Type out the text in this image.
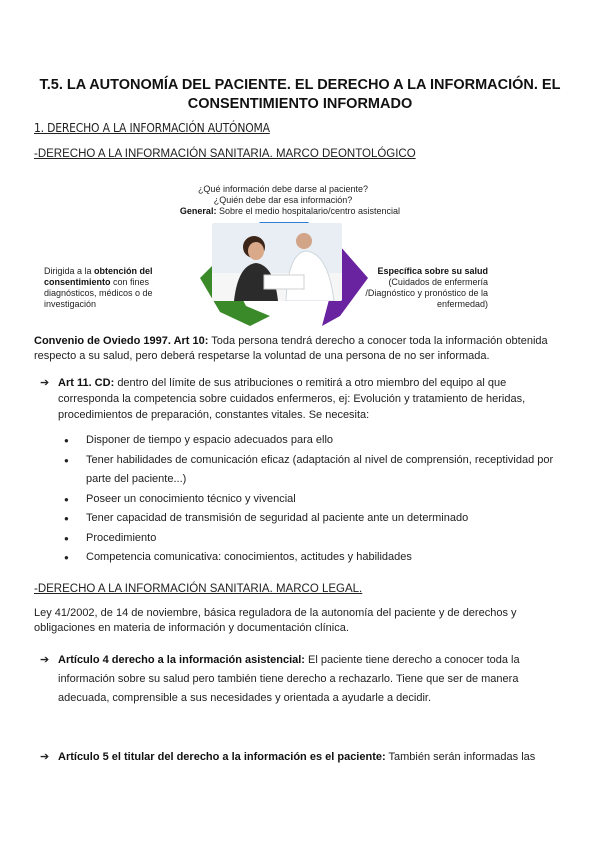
T.5. LA AUTONOMÍA DEL PACIENTE. EL DERECHO A LA INFORMACIÓN. EL CONSENTIMIENTO INFORMADO
1. DERECHO A LA INFORMACIÓN AUTÓNOMA
-DERECHO A LA INFORMACIÓN SANITARIA. MARCO DEONTOLÓGICO
¿Qué información debe darse al paciente?
¿Quién debe dar esa información?
General: Sobre el medio hospitalario/centro asistencial
Dirigida a la obtención del consentimiento con fines diagnósticos, médicos o de investigación
Específica sobre su salud
(Cuidados de enfermería
/Diagnóstico y pronóstico de la
enfermedad)
Convenio de Oviedo 1997. Art 10: Toda persona tendrá derecho a conocer toda la información obtenida respecto a su salud, pero deberá respetarse la voluntad de una persona de no ser informada.
➔ Art 11. CD: dentro del límite de sus atribuciones o remitirá a otro miembro del equipo al que corresponda la competencia sobre cuidados enfermeros, ej: Evolución y tratamiento de heridas, procedimientos de preparación, constantes vitales. Se necesita:
● Disponer de tiempo y espacio adecuados para ello
● Tener habilidades de comunicación eficaz (adaptación al nivel de comprensión, receptividad por parte del paciente...)
● Poseer un conocimiento técnico y vivencial
● Tener capacidad de transmisión de seguridad al paciente ante un determinado
● Procedimiento
● Competencia comunicativa: conocimientos, actitudes y habilidades
-DERECHO A LA INFORMACIÓN SANITARIA. MARCO LEGAL.
Ley 41/2002, de 14 de noviembre, básica reguladora de la autonomía del paciente y de derechos y obligaciones en materia de información y documentación clínica.
➔ Artículo 4 derecho a la información asistencial: El paciente tiene derecho a conocer toda la información sobre su salud pero también tiene derecho a rechazarlo. Tiene que ser de manera adecuada, comprensible a sus necesidades y orientada a ayudarle a decidir.
➔ Artículo 5 el titular del derecho a la información es el paciente: También serán informadas las
